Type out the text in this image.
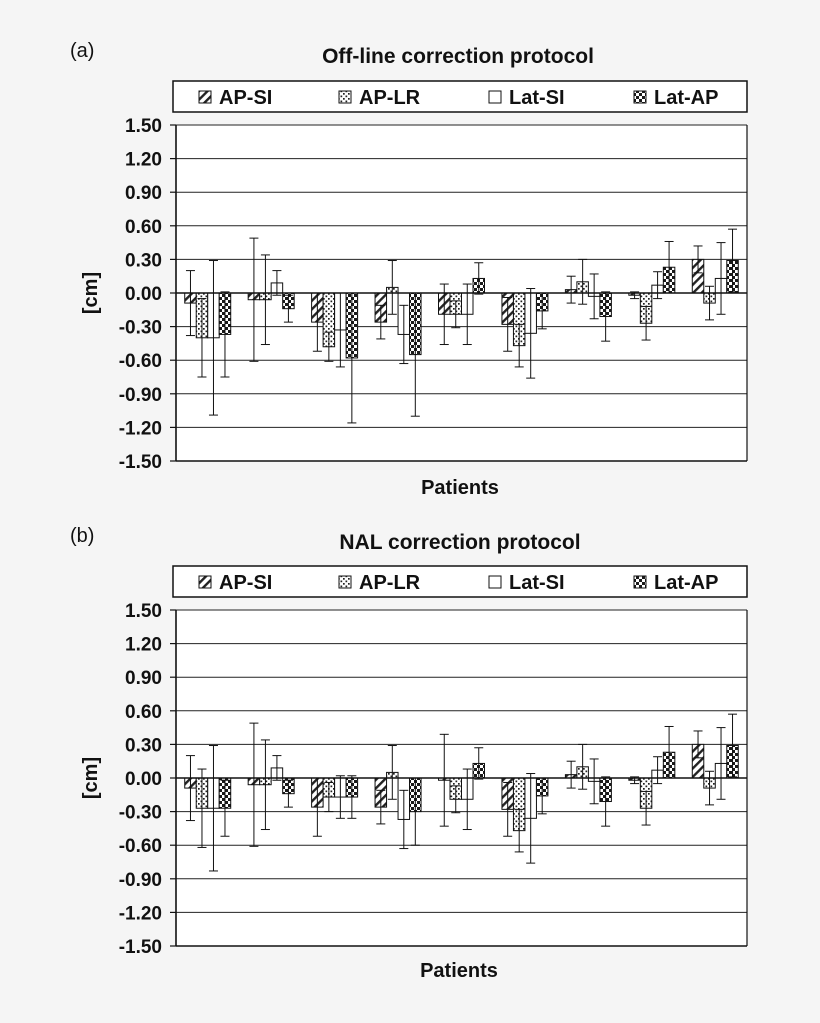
(a)	Off-line correction protocol
AP-SI	AP-LR	Lat-SI	Lat-AP
1.50
1.20
0.90
0.60
0.30
0.00
-0.30
-0.60
-0.90
-1.20
-1.50
[cm]
Patients
(b)	NAL correction protocol
AP-SI	AP-LR	Lat-SI	Lat-AP
1.50
1.20
0.90
0.60
0.30
0.00
-0.30
-0.60
-0.90
-1.20
-1.50
[cm]
Patients
